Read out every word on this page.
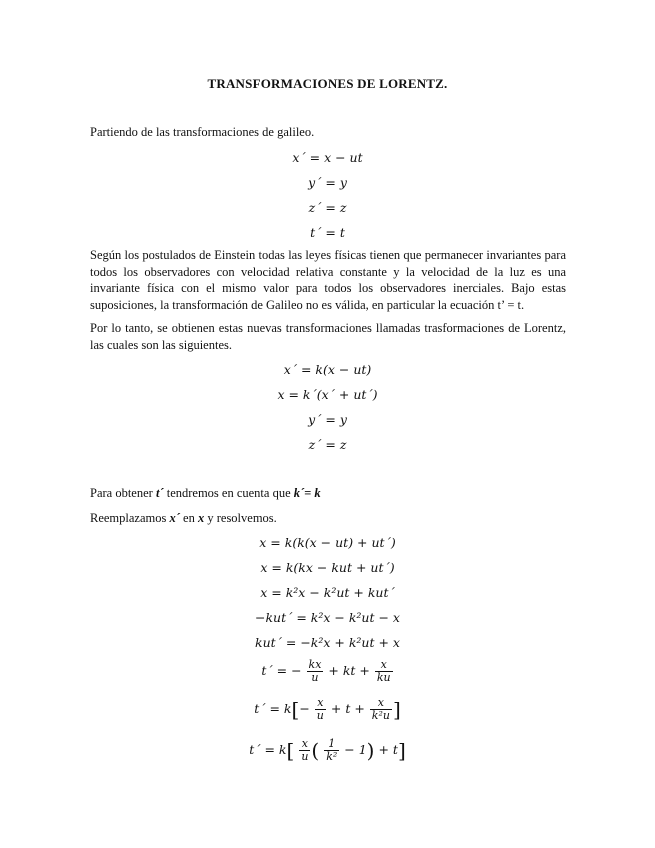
TRANSFORMACIONES DE LORENTZ.
Partiendo de las transformaciones de galileo.
x´ = x − ut
y´ = y
z´ = z
t´ = t
Según los postulados de Einstein todas las leyes físicas tienen que permanecer invariantes para todos los observadores con velocidad relativa constante y la velocidad de la luz es una invariante física con el mismo valor para todos los observadores inerciales. Bajo estas suposiciones, la transformación de Galileo no es válida, en particular la ecuación t’ = t.
Por lo tanto, se obtienen estas nuevas transformaciones llamadas trasformaciones de Lorentz, las cuales son las siguientes.
x´ = k(x − ut)
x = k´(x´ + ut´)
y´ = y
z´ = z
Para obtener t´ tendremos en cuenta que k´= k
Reemplazamos x´ en x y resolvemos.
x = k(k(x − ut) + ut´)
x = k(kx − kut + ut´)
x = k²x − k²ut + kut´
−kut´ = k²x − k²ut − x
kut´ = −k²x + k²ut + x
t´ = − $\frac{kx}{u}$ + kt + $\frac{x}{ku}$
t´ = $k[- \frac{x}{u} + t + \frac{x}{\text{k²u}}$ ]
t´ = $k[ \frac{x}{u}$ ( $\frac{1}{\text{k²}} - 1) + t$]
